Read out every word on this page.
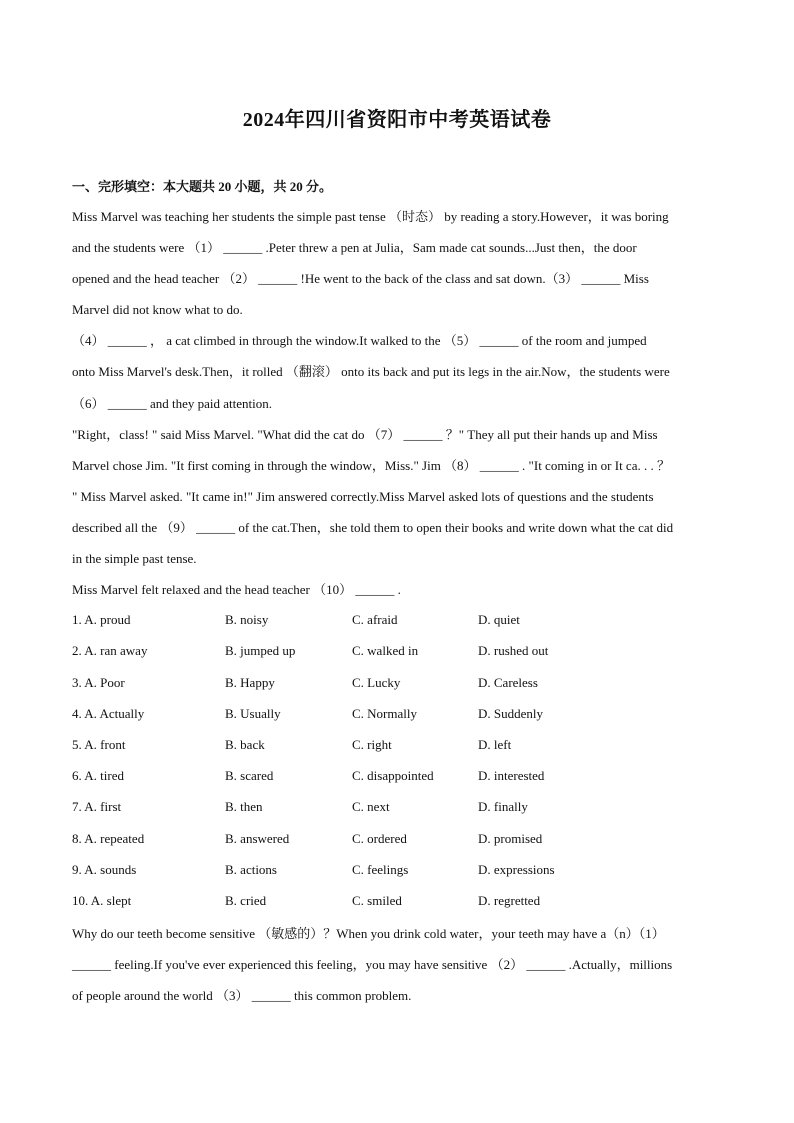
2024年四川省资阳市中考英语试卷
一、完形填空：本大题共 20 小题，共 20 分。
Miss Marvel was teaching her students the simple past tense （时态） by reading a story.However，it was boring
and the students were （1） ______ .Peter threw a pen at Julia，Sam made cat sounds...Just then，the door
opened and the head teacher （2） ______ !He went to the back of the class and sat down.（3） ______ Miss
Marvel did not know what to do.
（4） ______ ， a cat climbed in through the window.It walked to the （5） ______ of the room and jumped
onto Miss Marvel's desk.Then，it rolled （翻滚） onto its back and put its legs in the air.Now，the students were
（6） ______ and they paid attention.
"Right，class! " said Miss Marvel. "What did the cat do （7） ______ ？" They all put their hands up and Miss
Marvel chose Jim. "It first coming in through the window，Miss." Jim （8） ______ . "It coming in or It ca. . . ？
" Miss Marvel asked. "It came in!" Jim answered correctly.Miss Marvel asked lots of questions and the students
described all the （9） ______ of the cat.Then，she told them to open their books and write down what the cat did
in the simple past tense.
Miss Marvel felt relaxed and the head teacher （10） ______ .
1. A. proud	B. noisy	C. afraid	D. quiet
2. A. ran away	B. jumped up	C. walked in	D. rushed out
3. A. Poor	B. Happy	C. Lucky	D. Careless
4. A. Actually	B. Usually	C. Normally	D. Suddenly
5. A. front	B. back	C. right	D. left
6. A. tired	B. scared	C. disappointed	D. interested
7. A. first	B. then	C. next	D. finally
8. A. repeated	B. answered	C. ordered	D. promised
9. A. sounds	B. actions	C. feelings	D. expressions
10. A. slept	B. cried	C. smiled	D. regretted
Why do our teeth become sensitive （敏感的）？When you drink cold water，your teeth may have a（n）（1）
______ feeling.If you've ever experienced this feeling，you may have sensitive （2） ______ .Actually，millions
of people around the world （3） ______ this common problem.
